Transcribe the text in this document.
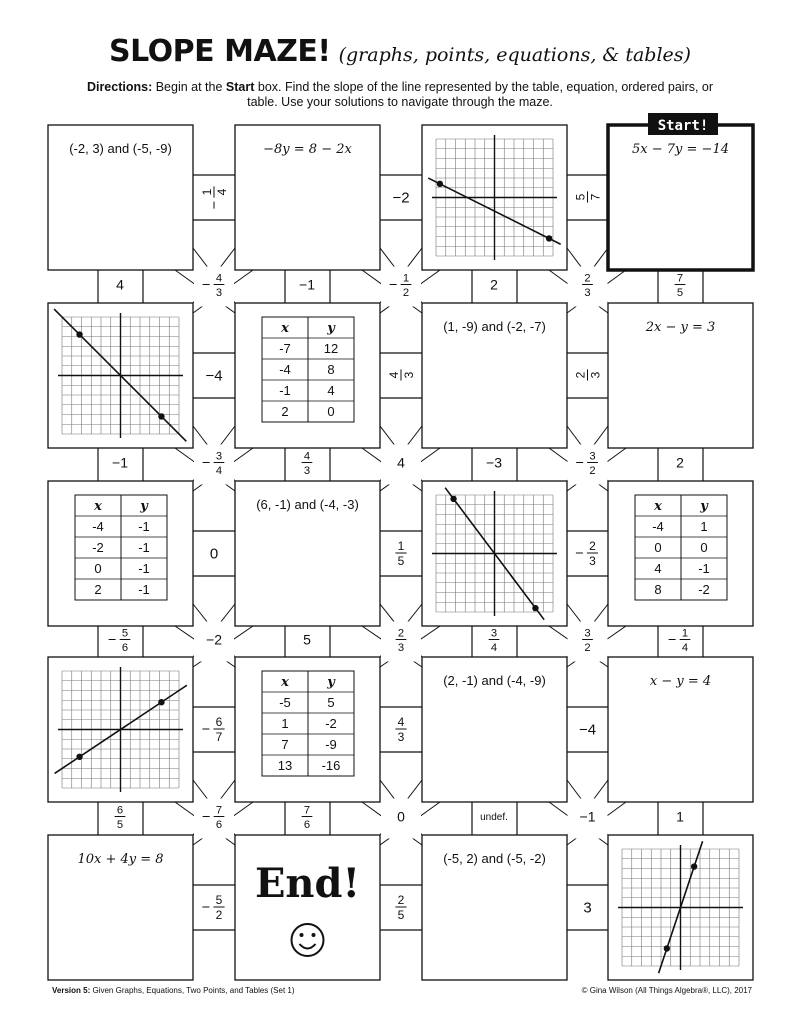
SLOPE MAZE! (graphs, points, equations, & tables)
Directions: Begin at the Start box. Find the slope of the line represented by the table, equation, ordered pairs, or table. Use your solutions to navigate through the maze.
1 4	−2	5 7
−4	4 3	2 3
0	1
5
2
3
6
7
4
3	−4
5
2
2
5	3
4	−1	2	7
5
−1	4
3
−3	2
5
6
5	3
4
1
4
6
5
7
6
undef.	1
4
3
1
2
2
3
3
4
4	3
2
−2	2
3
3
2
7
6
0	−1
(-2, 3) and (-5, -9)	−8y = 8 − 2x	5x − 7y = −14
Start!
x	y
-7	12
-4	8
-1	4
2	0
(1, -9) and (-2, -7)	2x − y = 3
x	y
-4	-1
-2	-1
0	-1
2	-1
(6, -1) and (-4, -3)	x	y
-4	1
0	0
4	-1
8	-2
x	y
-5	5
1	-2
7	-9
13 -16
(2, -1) and (-4, -9)	x − y = 4
10x + 4y = 8
End!
(-5, 2) and (-5, -2)
Version 5: Given Graphs, Equations, Two Points, and Tables (Set 1)	© Gina Wilson (All Things Algebra®, LLC), 2017
